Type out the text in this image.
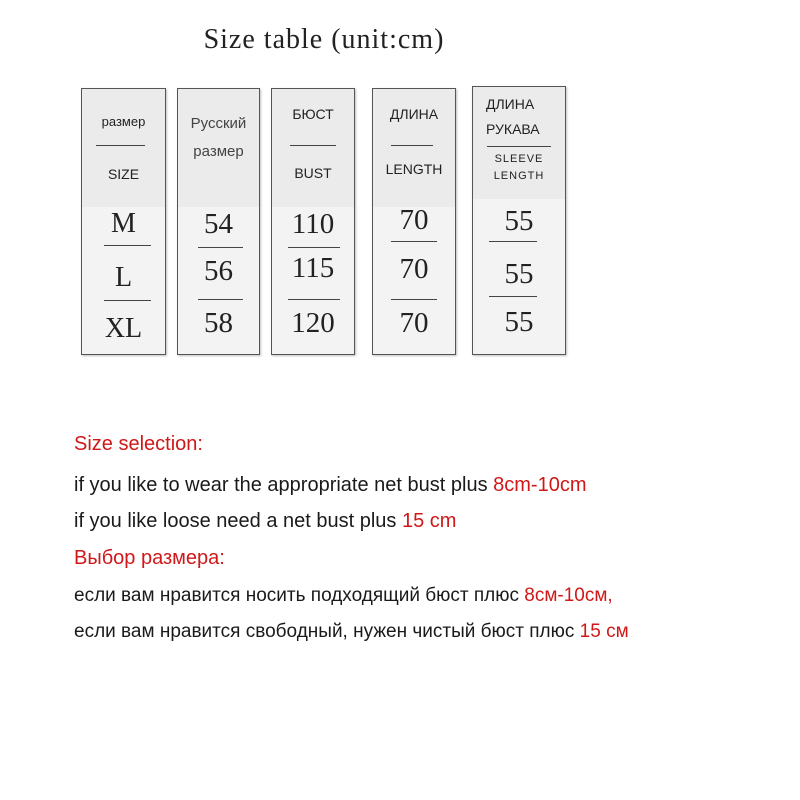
Size table (unit:cm)
размер
SIZE
M
L
XL
Русский
размер
54
56
58
БЮСТ
BUST
110
115
120
ДЛИНА
LENGTH
70
70
70
ДЛИНА
РУКАВА
SLEEVE
LENGTH
55
55
55
Size selection:
if you like to wear the appropriate net bust plus 8cm-10cm
if you like loose need a net bust plus 15 cm
Выбор размера:
если вам нравится носить подходящий бюст плюс 8см-10см,
если вам нравится свободный, нужен чистый бюст плюс 15 см
